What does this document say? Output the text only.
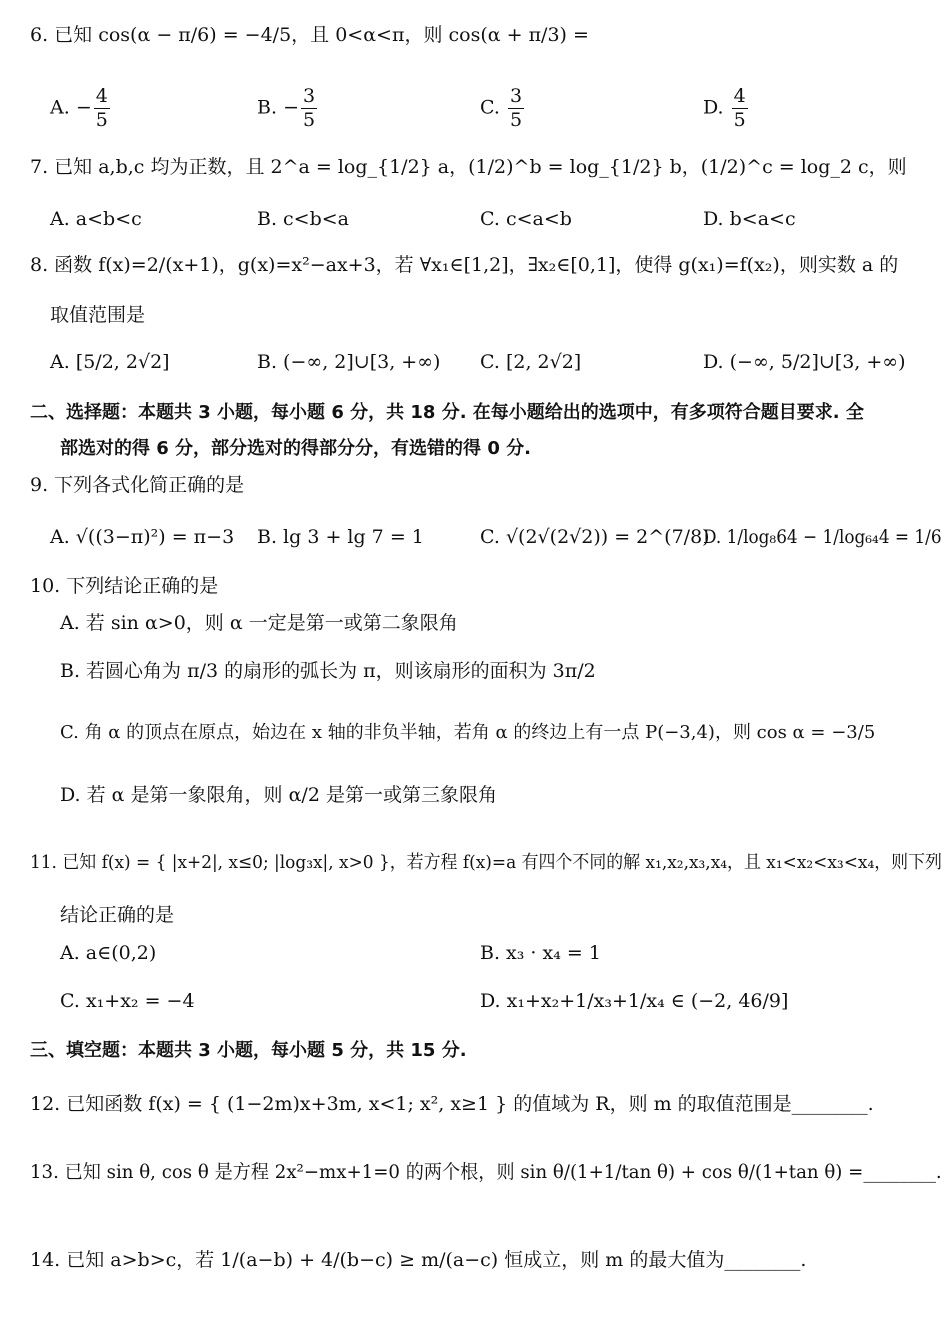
6. 已知 cos(α − π/6) = −4/5，且 0<α<π，则 cos(α + π/3) =
A. − $\frac{4}{5}$	B. − $\frac{3}{5}$	C. $\frac{3}{5}$	D. $\frac{4}{5}$
7. 已知 a,b,c 均为正数，且 2^a = log_{1/2} a，(1/2)^b = log_{1/2} b，(1/2)^c = log_2 c，则
A. a<b<c	B. c<b<a	C. c<a<b	D. b<a<c
8. 函数 f(x)=2/(x+1)，g(x)=x²−ax+3，若 ∀x₁∈[1,2]，∃x₂∈[0,1]，使得 g(x₁)=f(x₂)，则实数 a 的
取值范围是
A. [5/2, 2√2]	B. (−∞, 2]∪[3, +∞) C. [2, 2√2]	D. (−∞, 5/2]∪[3, +∞)
二、选择题：本题共 3 小题，每小题 6 分，共 18 分. 在每小题给出的选项中，有多项符合题目要求. 全
部选对的得 6 分，部分选对的得部分分，有选错的得 0 分.
9. 下列各式化简正确的是
A. √((3−π)²) = π−3 B. lg 3 + lg 7 = 1	C. √(2√(2√2)) = 2^(7/8)
D. 1/log₈64 − 1/log₆₄4 = 1/6
10. 下列结论正确的是
A. 若 sin α>0，则 α 一定是第一或第二象限角
B. 若圆心角为 π/3 的扇形的弧长为 π，则该扇形的面积为 3π/2
C. 角 α 的顶点在原点，始边在 x 轴的非负半轴，若角 α 的终边上有一点 P(−3,4)，则 cos α = −3/5
D. 若 α 是第一象限角，则 α/2 是第一或第三象限角
11. 已知 f(x) = { |x+2|, x≤0; |log₃x|, x>0 }，若方程 f(x)=a 有四个不同的解 x₁,x₂,x₃,x₄，且 x₁<x₂<x₃<x₄，则下列
结论正确的是
A. a∈(0,2)	B. x₃ · x₄ = 1
C. x₁+x₂ = −4	D. x₁+x₂+1/x₃+1/x₄ ∈ (−2, 46/9]
三、填空题：本题共 3 小题，每小题 5 分，共 15 分.
12. 已知函数 f(x) = { (1−2m)x+3m, x<1; x², x≥1 } 的值域为 R，则 m 的取值范围是________.
13. 已知 sin θ, cos θ 是方程 2x²−mx+1=0 的两个根，则 sin θ/(1+1/tan θ) + cos θ/(1+tan θ) =________.
14. 已知 a>b>c，若 1/(a−b) + 4/(b−c) ≥ m/(a−c) 恒成立，则 m 的最大值为________.
